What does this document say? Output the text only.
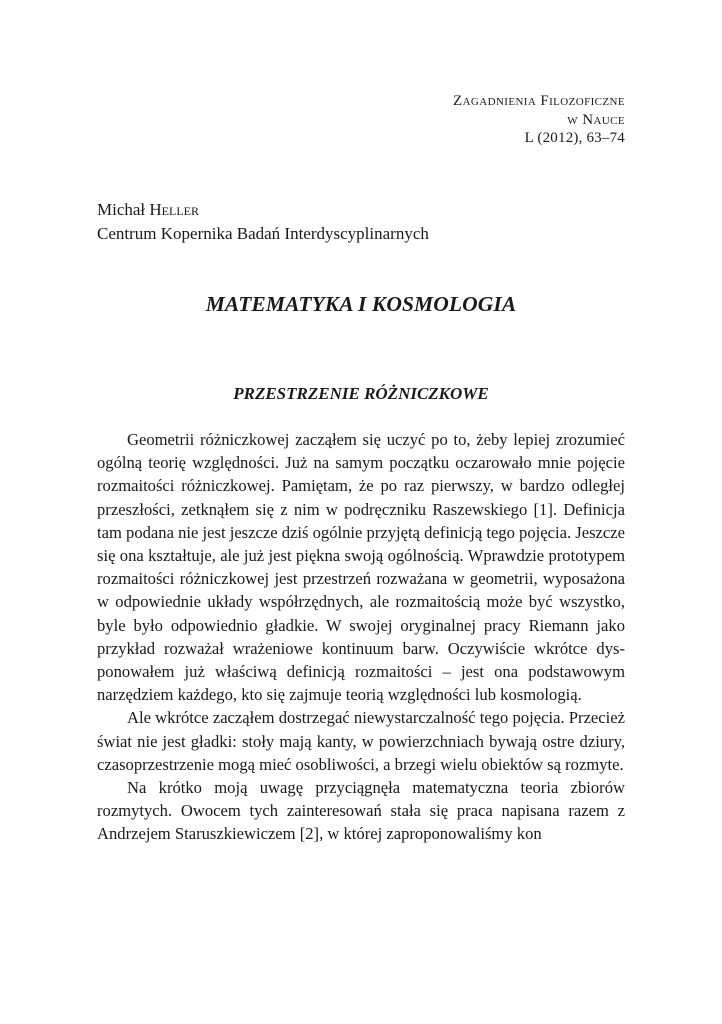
Zagadnienia Filozoficzne
w Nauce
L (2012), 63–74
Michał Heller
Centrum Kopernika Badań Interdyscyplinarnych
MATEMATYKA I KOSMOLOGIA
PRZESTRZENIE RÓŻNICZKOWE

Geometrii różniczkowej zacząłem się uczyć po to, żeby lepiej zrozumieć ogólną teorię względności. Już na samym początku oczarowało mnie pojęcie rozmaitości różniczkowej. Pamiętam, że po raz pierwszy, w bardzo odległej przeszłości, zetknąłem się z nim w podręczniku Raszewskiego [1]. Definicja tam podana nie jest jeszcze dziś ogólnie przyjętą definicją tego pojęcia. Jeszcze się ona kształtuje, ale już jest piękna swoją ogólnością. Wprawdzie prototypem rozmaitości różniczkowej jest przestrzeń rozważana w geometrii, wyposażona w odpowiednie układy współrzędnych, ale rozmaitością może być wszystko, byle było odpowiednio gładkie. W swojej oryginalnej pracy Riemann jako przykład rozważał wrażeniowe kontinuum barw. Oczywiście wkrótce dysponowałem już właściwą definicją rozmaitości – jest ona podstawowym narzędziem każdego, kto się zajmuje teorią względności lub kosmologią.

Ale wkrótce zacząłem dostrzegać niewystarczalność tego pojęcia. Przecież świat nie jest gładki: stoły mają kanty, w powierzchniach bywają ostre dziury, czasoprzestrzenie mogą mieć osobliwości, a brzegi wielu obiektów są rozmyte.

Na krótko moją uwagę przyciągnęła matematyczna teoria zbiorów rozmytych. Owocem tych zainteresowań stała się praca napisana razem z Andrzejem Staruszkiewiczem [2], w której zaproponowaliśmy kon
